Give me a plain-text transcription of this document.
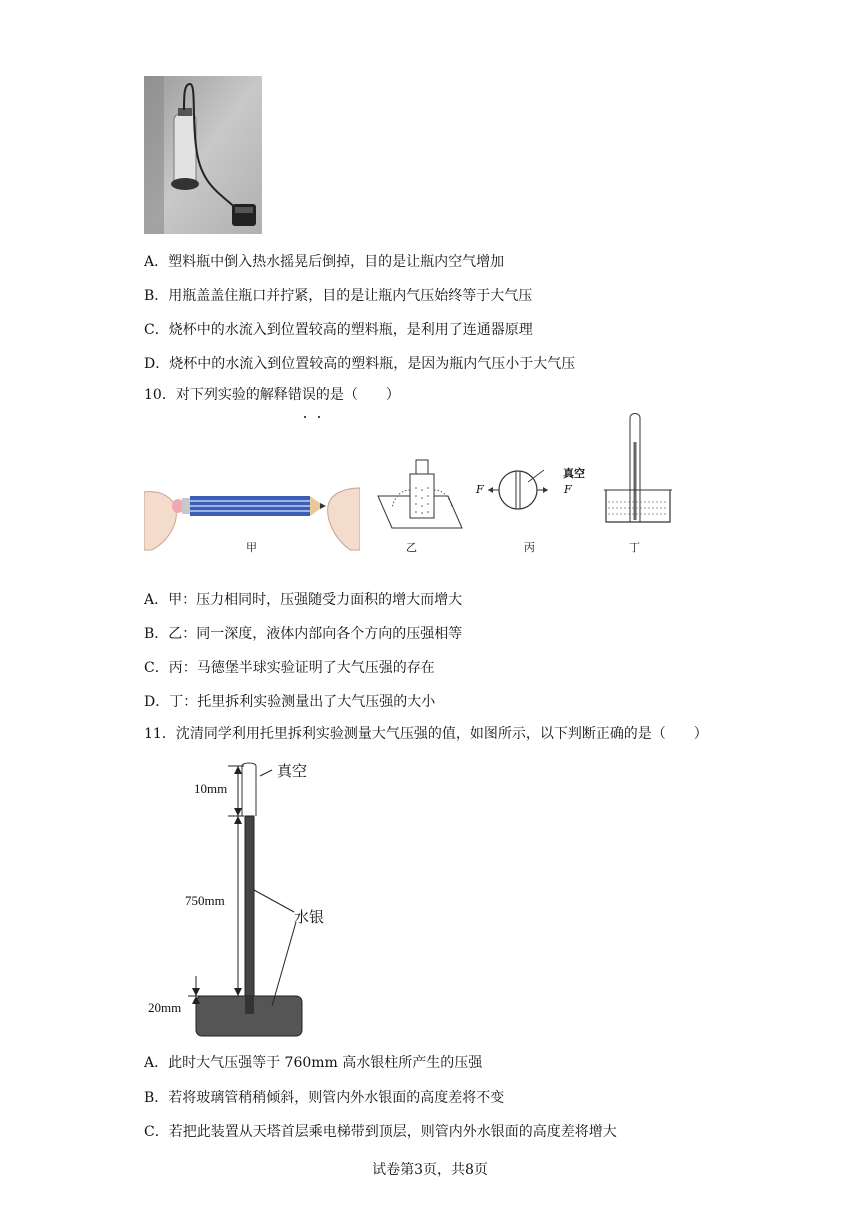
A．塑料瓶中倒入热水摇晃后倒掉，目的是让瓶内空气增加
B．用瓶盖盖住瓶口并拧紧，目的是让瓶内气压始终等于大气压
C．烧杯中的水流入到位置较高的塑料瓶，是利用了连通器原理
D．烧杯中的水流入到位置较高的塑料瓶，是因为瓶内气压小于大气压
10．对下列实验的解释错误的是（　　）
甲	乙
F	F
真空
丙	丁
A．甲：压力相同时，压强随受力面积的增大而增大
B．乙：同一深度，液体内部向各个方向的压强相等
C．丙：马德堡半球实验证明了大气压强的存在
D．丁：托里拆利实验测量出了大气压强的大小
11．沈清同学利用托里拆利实验测量大气压强的值，如图所示，以下判断正确的是（　　）
真空
10mm
750mm
水银
20mm
A．此时大气压强等于 760mm 高水银柱所产生的压强
B．若将玻璃管稍稍倾斜，则管内外水银面的高度差将不变
C．若把此装置从天塔首层乘电梯带到顶层，则管内外水银面的高度差将增大
试卷第3页，共8页
